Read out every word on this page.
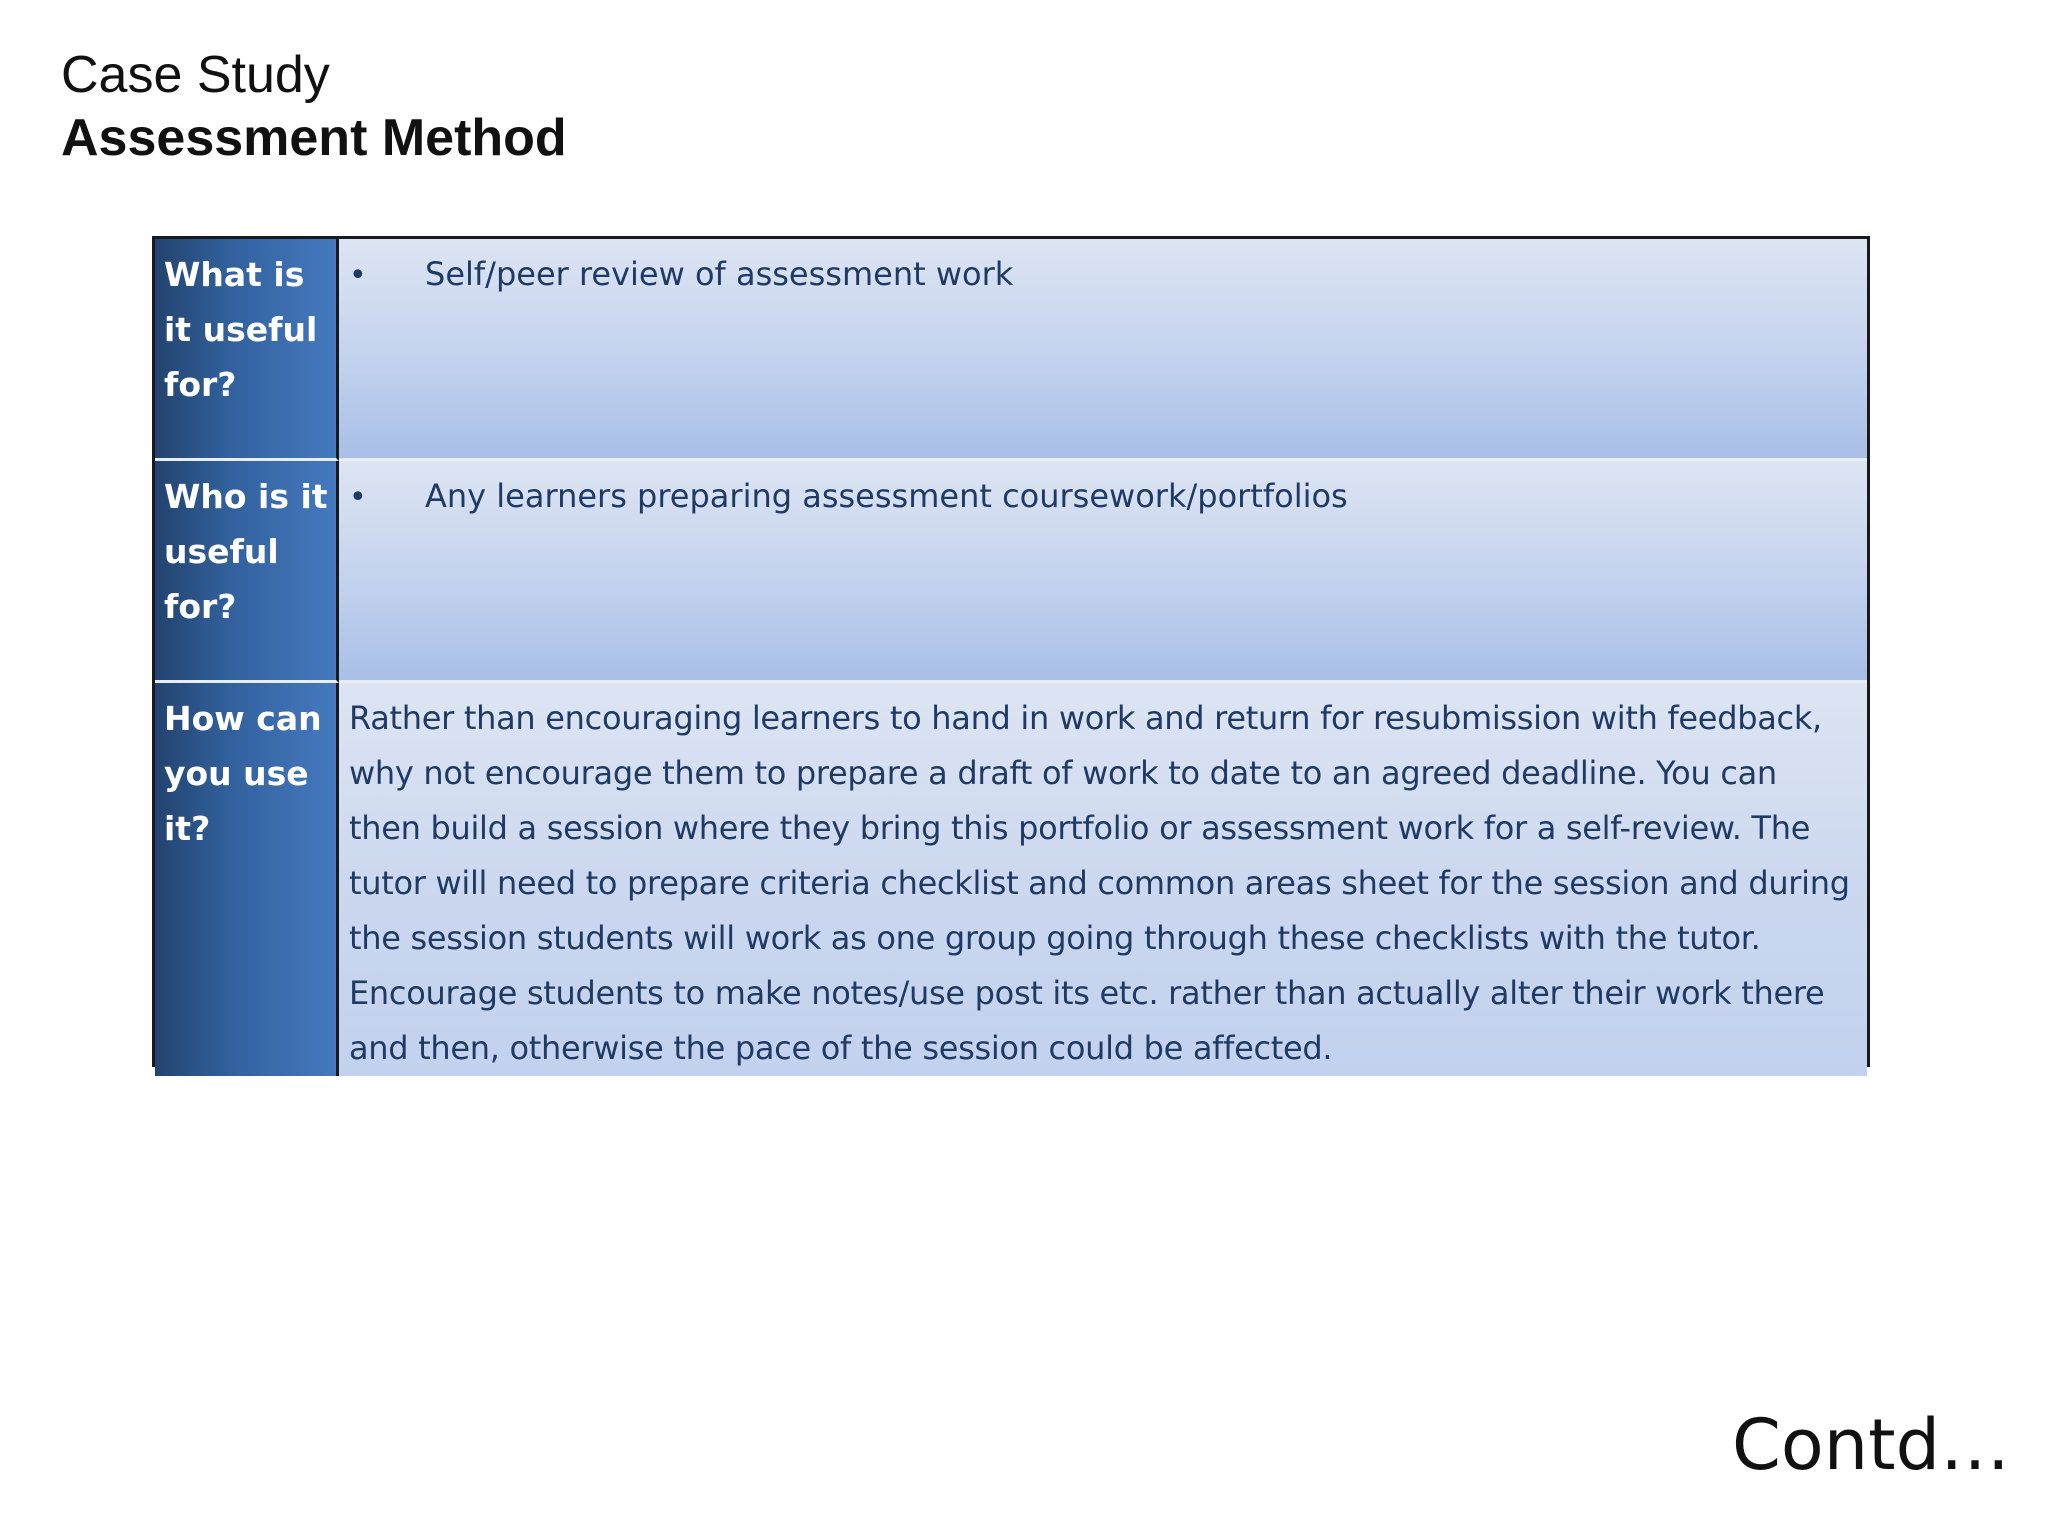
Case Study
Assessment Method
What is it useful for?
•	Self/peer review of assessment work
Who is it useful for?
•	Any learners preparing assessment coursework/portfolios
How can you use it?
Rather than encouraging learners to hand in work and return for resubmission with feedback, why not encourage them to prepare a draft of work to date to an agreed deadline. You can then build a session where they bring this portfolio or assessment work for a self-review. The tutor will need to prepare criteria checklist and common areas sheet for the session and during the session students will work as one group going through these checklists with the tutor. Encourage students to make notes/use post its etc. rather than actually alter their work there and then, otherwise the pace of the session could be affected.
Contd…
